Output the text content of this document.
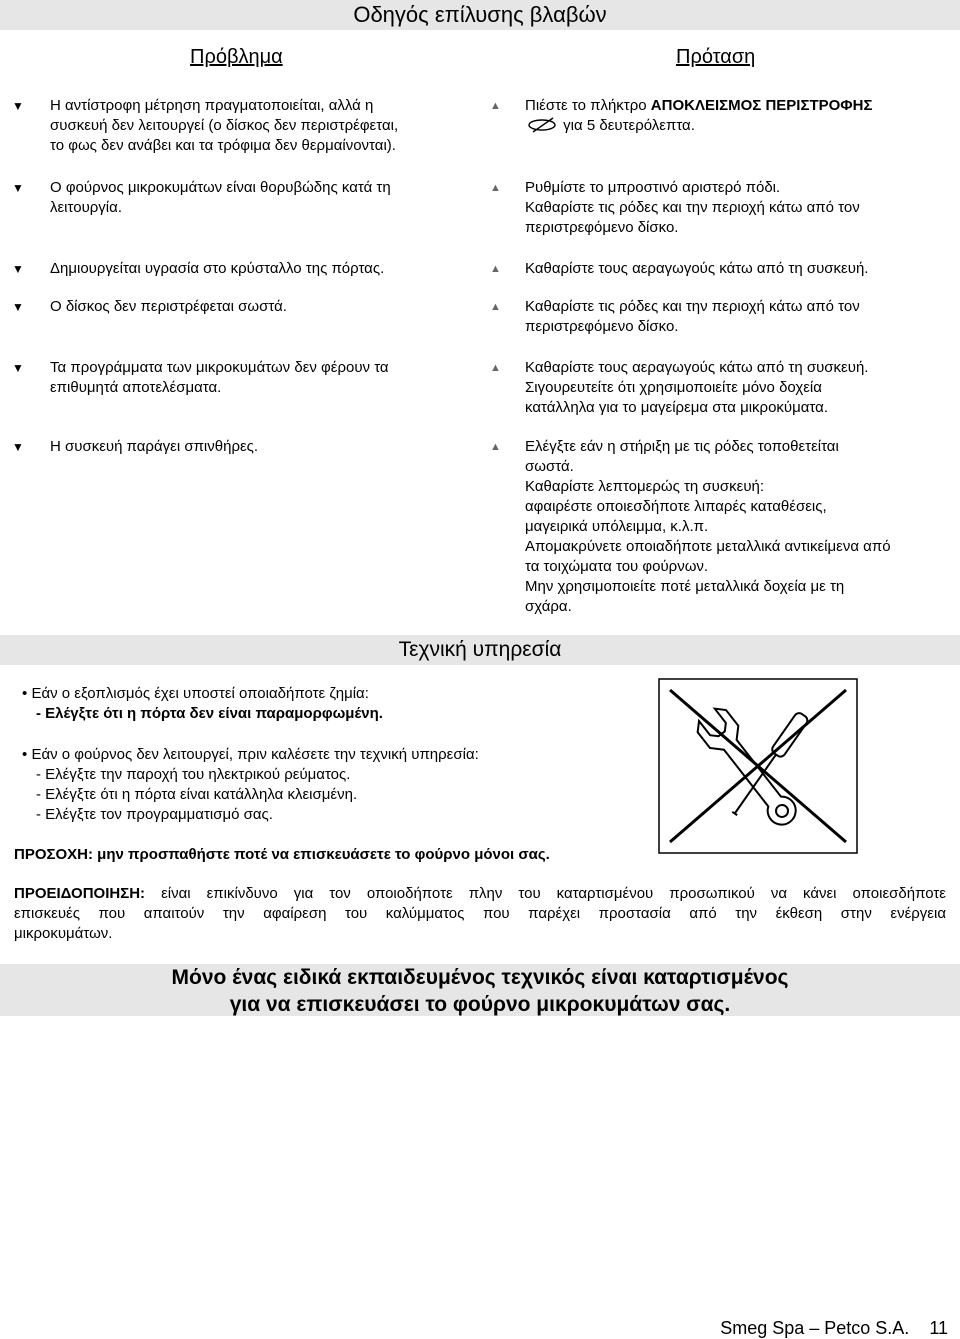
Οδηγός επίλυσης βλαβών
Πρόβλημα	Πρόταση
▼ Η αντίστροφη μέτρηση πραγματοποιείται, αλλά η
συσκευή δεν λειτουργεί (ο δίσκος δεν περιστρέφεται,
το φως δεν ανάβει και τα τρόφιμα δεν θερμαίνονται).
▲ Πιέστε το πλήκτρο ΑΠΟΚΛΕΙΣΜΟΣ ΠΕΡΙΣΤΡΟΦΗΣ
για 5 δευτερόλεπτα.
▼ Ο φούρνος μικροκυμάτων είναι θορυβώδης κατά τη
λειτουργία.
▲ Ρυθμίστε το μπροστινό αριστερό πόδι.
Καθαρίστε τις ρόδες και την περιοχή κάτω από τον
περιστρεφόμενο δίσκο.
▼ Δημιουργείται υγρασία στο κρύσταλλο της πόρτας.	▲ Καθαρίστε τους αεραγωγούς κάτω από τη συσκευή.
▼ Ο δίσκος δεν περιστρέφεται σωστά.	▲ Καθαρίστε τις ρόδες και την περιοχή κάτω από τον
περιστρεφόμενο δίσκο.
▼ Τα προγράμματα των μικροκυμάτων δεν φέρουν τα
επιθυμητά αποτελέσματα.
▲ Καθαρίστε τους αεραγωγούς κάτω από τη συσκευή.
Σιγουρευτείτε ότι χρησιμοποιείτε μόνο δοχεία
κατάλληλα για το μαγείρεμα στα μικροκύματα.
▼ Η συσκευή παράγει σπινθήρες.	▲ Ελέγξτε εάν η στήριξη με τις ρόδες τοποθετείται
σωστά.
Καθαρίστε λεπτομερώς τη συσκευή:
αφαιρέστε οποιεσδήποτε λιπαρές καταθέσεις,
μαγειρικά υπόλειμμα, κ.λ.π.
Απομακρύνετε οποιαδήποτε μεταλλικά αντικείμενα από
τα τοιχώματα του φούρνων.
Μην χρησιμοποιείτε ποτέ μεταλλικά δοχεία με τη
σχάρα.
Τεχνική υπηρεσία
• Εάν ο εξοπλισμός έχει υποστεί οποιαδήποτε ζημία:
- Ελέγξτε ότι η πόρτα δεν είναι παραμορφωμένη.
• Εάν ο φούρνος δεν λειτουργεί, πριν καλέσετε την τεχνική υπηρεσία:
- Ελέγξτε την παροχή του ηλεκτρικού ρεύματος.
- Ελέγξτε ότι η πόρτα είναι κατάλληλα κλεισμένη.
- Ελέγξτε τον προγραμματισμό σας.
ΠΡΟΣΟΧΗ: μην προσπαθήστε ποτέ να επισκευάσετε το φούρνο μόνοι σας.
ΠΡΟΕΙΔΟΠΟΙΗΣΗ: είναι επικίνδυνο για τον οποιοδήποτε πλην του καταρτισμένου προσωπικού να κάνει οποιεσδήποτε
επισκευές που απαιτούν την αφαίρεση του καλύμματος που παρέχει προστασία από την έκθεση στην ενέργεια
μικροκυμάτων.
Μόνο ένας ειδικά εκπαιδευμένος τεχνικός είναι καταρτισμένος
για να επισκευάσει το φούρνο μικροκυμάτων σας.
Smeg Spa – Petco S.A.    11
